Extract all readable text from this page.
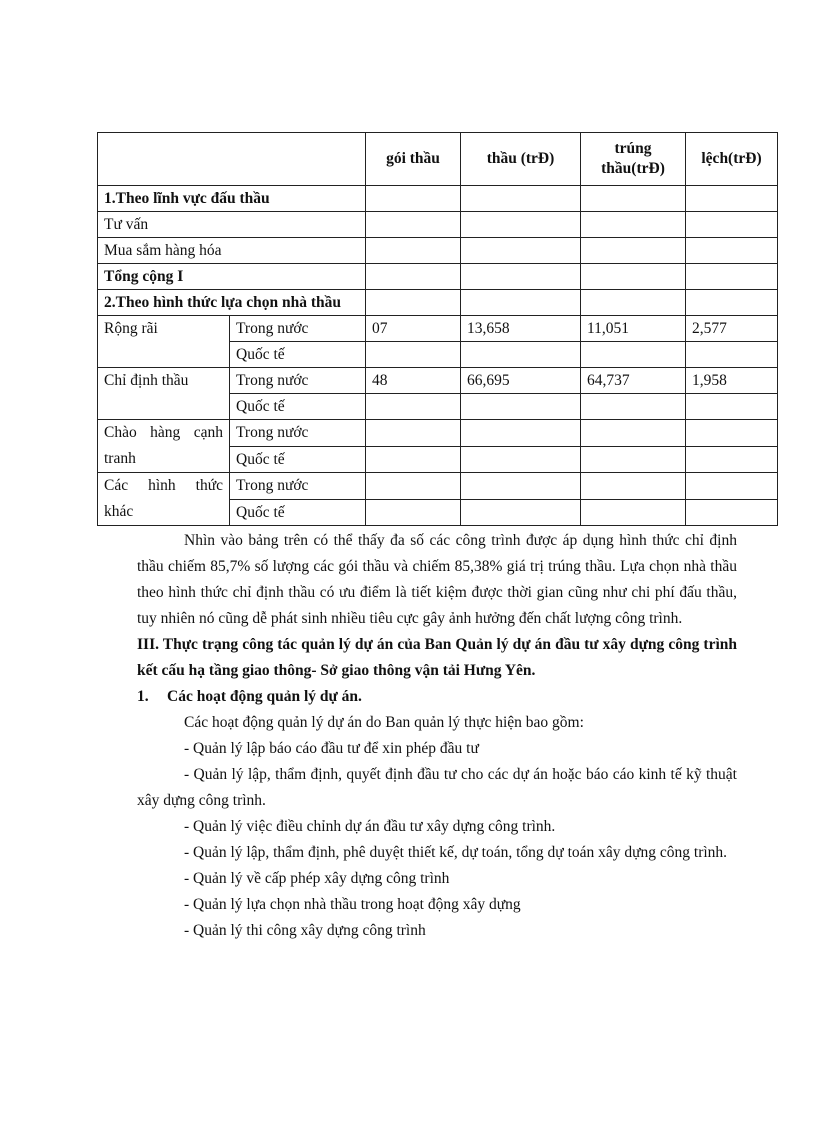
		gói thầu	thầu (trĐ)	trúng thầu(trĐ)	lệch(trĐ)
1.Theo lĩnh vực đấu thầu					
Tư vấn					
Mua sắm hàng hóa					
Tổng cộng I					
2.Theo hình thức lựa chọn nhà thầu					
Rộng rãi	Trong nước	07	13,658	11,051	2,577
	Quốc tế				
Chỉ định thầu	Trong nước	48	66,695	64,737	1,958
	Quốc tế				

Chào hàng cạnh
tranh	Trong nước				
	Quốc tế				

Các hình thức
khác	Trong nước				
	Quốc tế				

Nhìn vào bảng trên có thể thấy đa số các công trình được áp dụng hình thức chỉ định thầu chiếm 85,7% số lượng các gói thầu và chiếm 85,38% giá trị trúng thầu. Lựa chọn nhà thầu theo hình thức chỉ định thầu có ưu điểm là tiết kiệm được thời gian cũng như chi phí đấu thầu, tuy nhiên nó cũng dễ phát sinh nhiều tiêu cực gây ảnh hưởng đến chất lượng công trình.

III. Thực trạng công tác quản lý dự án của Ban Quản lý dự án đầu tư xây dựng công trình kết cấu hạ tầng giao thông- Sở giao thông vận tải Hưng Yên.

1.	Các hoạt động quản lý dự án.

Các hoạt động quản lý dự án do Ban quản lý thực hiện bao gồm:

- Quản lý lập báo cáo đầu tư để xin phép đầu tư

- Quản lý lập, thẩm định, quyết định đầu tư cho các dự án hoặc báo cáo kinh tế kỹ thuật xây dựng công trình.

- Quản lý việc điều chỉnh dự án đầu tư xây dựng công trình.

- Quản lý lập, thẩm định, phê duyệt thiết kế, dự toán, tổng dự toán xây dựng công trình.

- Quản lý về cấp phép xây dựng công trình

- Quản lý lựa chọn nhà thầu trong hoạt động xây dựng

- Quản lý thi công xây dựng công trình
